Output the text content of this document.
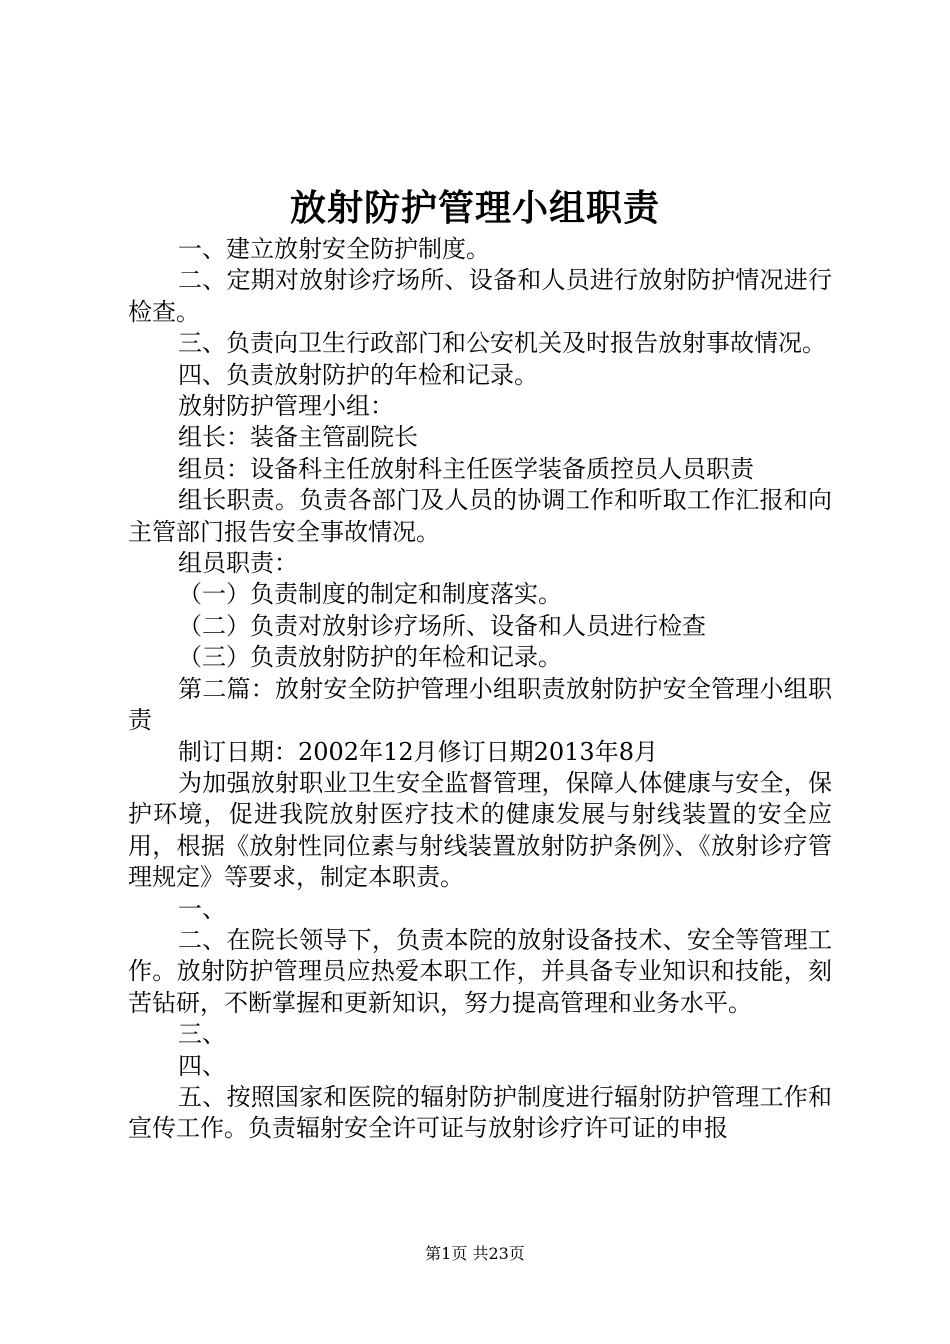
放射防护管理小组职责

一、建立放射安全防护制度。

二、定期对放射诊疗场所、设备和人员进行放射防护情况进行检查。

三、负责向卫生行政部门和公安机关及时报告放射事故情况。

四、负责放射防护的年检和记录。

放射防护管理小组：

组长：装备主管副院长

组员：设备科主任放射科主任医学装备质控员人员职责

组长职责。负责各部门及人员的协调工作和听取工作汇报和向主管部门报告安全事故情况。

组员职责：

（一）负责制度的制定和制度落实。

（二）负责对放射诊疗场所、设备和人员进行检查

（三）负责放射防护的年检和记录。

第二篇：放射安全防护管理小组职责放射防护安全管理小组职责

制订日期：2002年12月修订日期2013年8月

为加强放射职业卫生安全监督管理，保障人体健康与安全，保护环境，促进我院放射医疗技术的健康发展与射线装置的安全应用，根据《放射性同位素与射线装置放射防护条例》、《放射诊疗管理规定》等要求，制定本职责。

一、

二、在院长领导下，负责本院的放射设备技术、安全等管理工作。放射防护管理员应热爱本职工作，并具备专业知识和技能，刻苦钻研，不断掌握和更新知识，努力提高管理和业务水平。

三、

四、

五、按照国家和医院的辐射防护制度进行辐射防护管理工作和宣传工作。负责辐射安全许可证与放射诊疗许可证的申报

第1页 共23页
